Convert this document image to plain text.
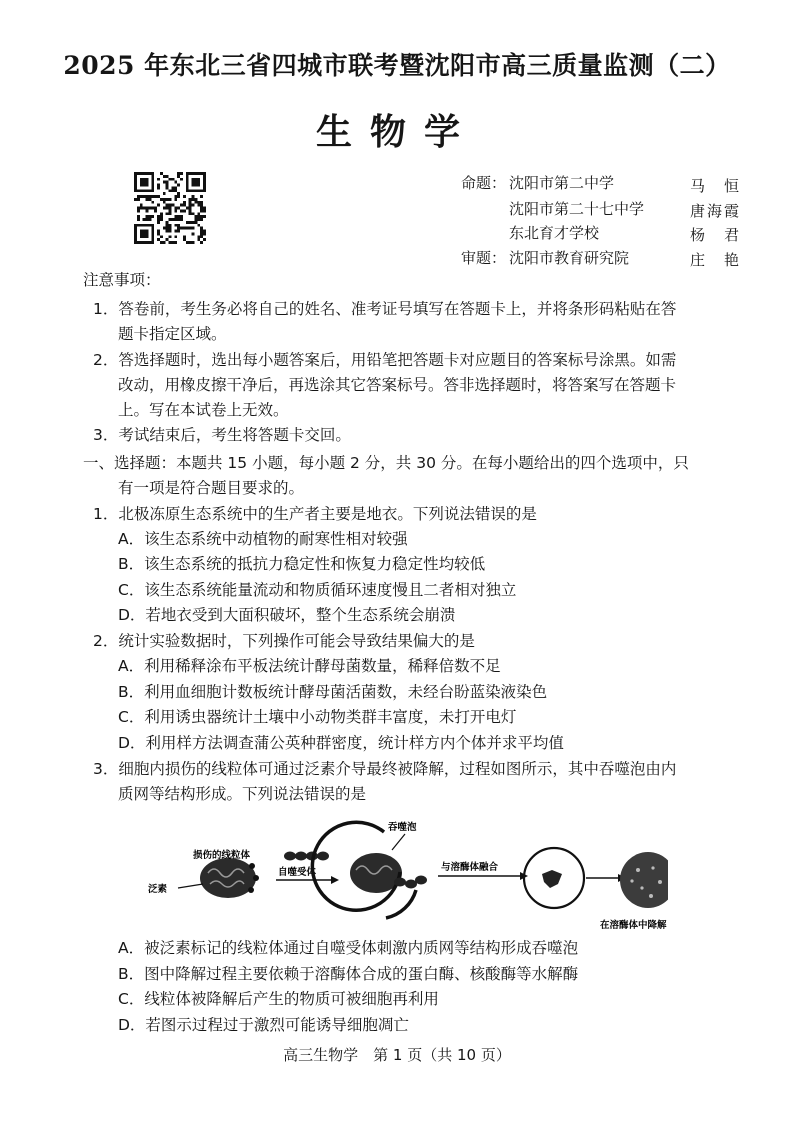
2025 年东北三省四城市联考暨沈阳市高三质量监测（二）
生物学
命题： 沈阳市第二中学	马　恒
沈阳市第二十七中学	唐海霞
东北育才学校	杨　君
审题： 沈阳市教育研究院	庄　艳
注意事项：
1．答卷前，考生务必将自己的姓名、准考证号填写在答题卡上，并将条形码粘贴在答
题卡指定区域。
2．答选择题时，选出每小题答案后，用铅笔把答题卡对应题目的答案标号涂黑。如需
改动，用橡皮擦干净后，再选涂其它答案标号。答非选择题时，将答案写在答题卡
上。写在本试卷上无效。
3．考试结束后，考生将答题卡交回。
一、选择题：本题共 15 小题，每小题 2 分，共 30 分。在每小题给出的四个选项中，只
有一项是符合题目要求的。
1．北极冻原生态系统中的生产者主要是地衣。下列说法错误的是
A．该生态系统中动植物的耐寒性相对较强
B．该生态系统的抵抗力稳定性和恢复力稳定性均较低
C．该生态系统能量流动和物质循环速度慢且二者相对独立
D．若地衣受到大面积破坏，整个生态系统会崩溃
2．统计实验数据时，下列操作可能会导致结果偏大的是
A．利用稀释涂布平板法统计酵母菌数量，稀释倍数不足
B．利用血细胞计数板统计酵母菌活菌数，未经台盼蓝染液染色
C．利用诱虫器统计土壤中小动物类群丰富度，未打开电灯
D．利用样方法调查蒲公英种群密度，统计样方内个体并求平均值
3．细胞内损伤的线粒体可通过泛素介导最终被降解，过程如图所示，其中吞噬泡由内
质网等结构形成。下列说法错误的是
泛素
损伤的线粒体
自噬受体
吞噬泡
与溶酶体融合
在溶酶体中降解
A．被泛素标记的线粒体通过自噬受体刺激内质网等结构形成吞噬泡
B．图中降解过程主要依赖于溶酶体合成的蛋白酶、核酸酶等水解酶
C．线粒体被降解后产生的物质可被细胞再利用
D．若图示过程过于激烈可能诱导细胞凋亡
高三生物学　第 1 页（共 10 页）
